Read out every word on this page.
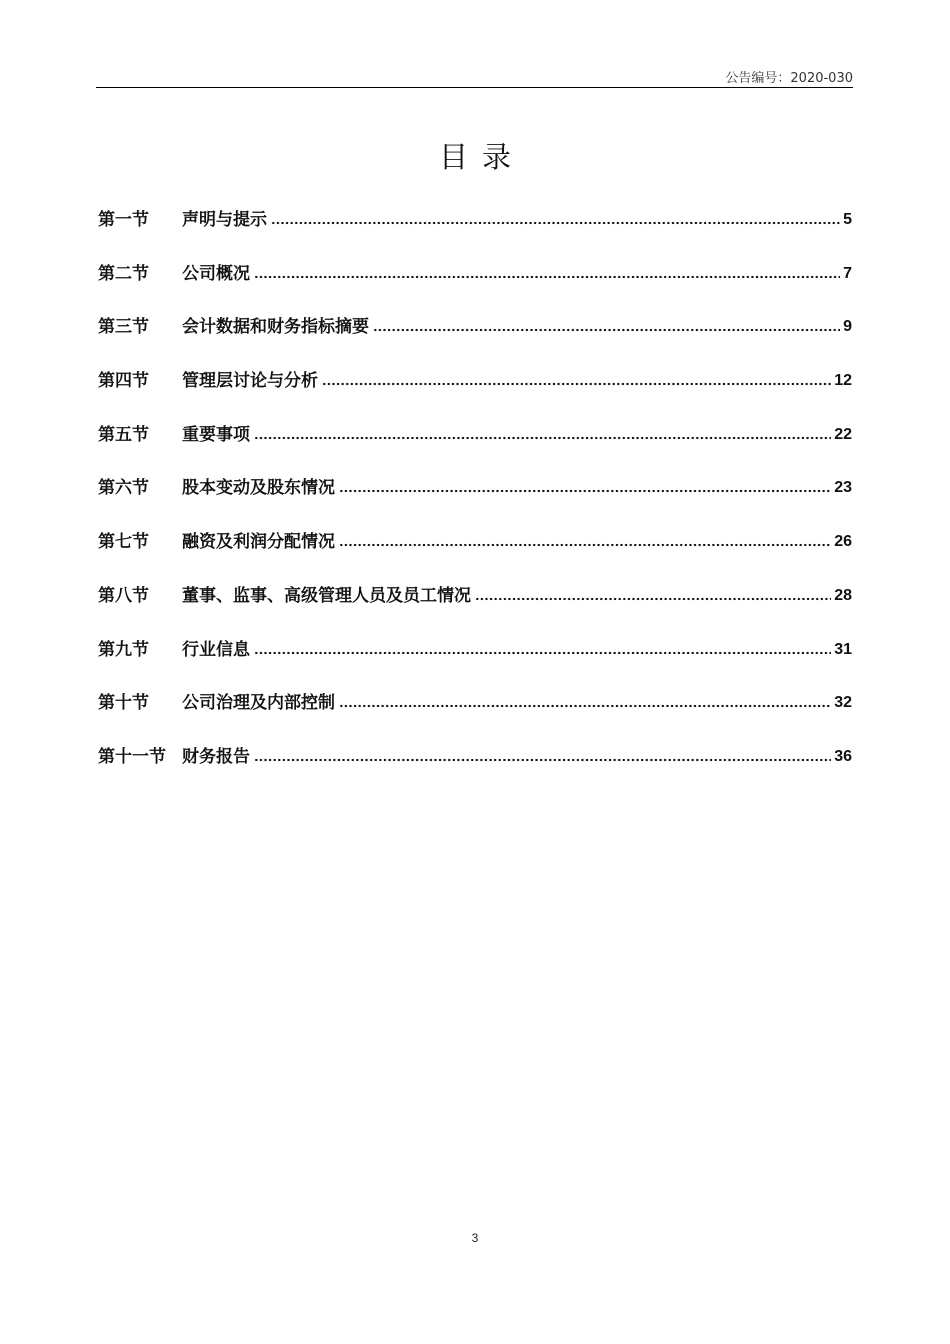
公告编号：2020-030
目录
第一节	声明与提示	5
第二节	公司概况	7
第三节	会计数据和财务指标摘要	9
第四节	管理层讨论与分析	12
第五节	重要事项	22
第六节	股本变动及股东情况	23
第七节	融资及利润分配情况	26
第八节	董事、监事、高级管理人员及员工情况	28
第九节	行业信息	31
第十节	公司治理及内部控制	32
第十一节 财务报告	36
3
